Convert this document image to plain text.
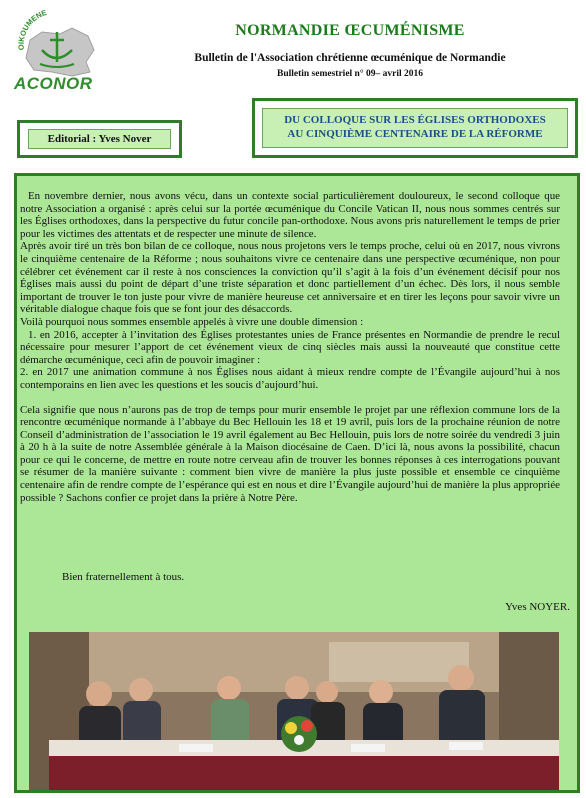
OIKOUMENE
ACONOR
NORMANDIE ŒCUMÉNISME
Bulletin de l'Association chrétienne œcuménique de Normandie
Bulletin semestriel n° 09– avril 2016
Editorial : Yves Nover
DU COLLOQUE SUR LES ÉGLISES ORTHODOXES
AU CINQUIÈME CENTENAIRE DE LA RÉFORME

En novembre dernier, nous avons vécu, dans un contexte social particulièrement douloureux, le second colloque que notre Association a organisé : après celui sur la portée œcuménique du Concile Vatican II, nous nous sommes centrés sur les Églises orthodoxes, dans la perspective du futur concile pan-orthodoxe. Nous avons pris naturellement le temps de prier pour les victimes des attentats et de respecter une minute de silence.

Après avoir tiré un très bon bilan de ce colloque, nous nous projetons vers le temps proche, celui où en 2017, nous vivrons le cinquième centenaire de la Réforme ; nous souhaitons vivre ce centenaire dans une perspective œcuménique, non pour célébrer cet événement car il reste à nos consciences la conviction qu’il s’agit à la fois d’un événement décisif pour nos Églises mais aussi du point de départ d’une triste séparation et donc partiellement d’un échec. Dès lors, il nous semble important de trouver le ton juste pour vivre de manière heureuse cet anniversaire et en tirer les leçons pour savoir vivre un véritable dialogue chaque fois que se font jour des désaccords.

Voilà pourquoi nous sommes ensemble appelés à vivre une double dimension :

1. en 2016, accepter à l’invitation des Églises protestantes unies de France présentes en Normandie de prendre le recul nécessaire pour mesurer l’apport de cet événement vieux de cinq siècles mais aussi la nouveauté que constitue cette démarche œcuménique, ceci afin de pouvoir imaginer :

2. en 2017 une animation commune à nos Églises nous aidant à mieux rendre compte de l’Évangile aujourd’hui à nos contemporains en lien avec les questions et les soucis d’aujourd’hui.

Cela signifie que nous n’aurons pas de trop de temps pour murir ensemble le projet par une réflexion commune lors de la rencontre œcuménique normande à l’abbaye du Bec Hellouin les 18 et 19 avril, puis lors de la prochaine réunion de notre Conseil d’administration de l’association le 19 avril également au Bec Hellouin, puis lors de notre soirée du vendredi 3 juin à 20 h à la suite de notre Assemblée générale à la Maison diocésaine de Caen. D’ici là, nous avons la possibilité, chacun pour ce qui le concerne, de mettre en route notre cerveau afin de trouver les bonnes réponses à ces interrogations pouvant se résumer de la manière suivante : comment bien vivre de manière la plus juste possible et ensemble ce cinquième centenaire afin de rendre compte de l’espérance qui est en nous et dire l’Évangile aujourd’hui de manière la plus appropriée possible ? Sachons confier ce projet dans la prière à Notre Père.

Bien fraternellement à tous.
Yves NOYER.
